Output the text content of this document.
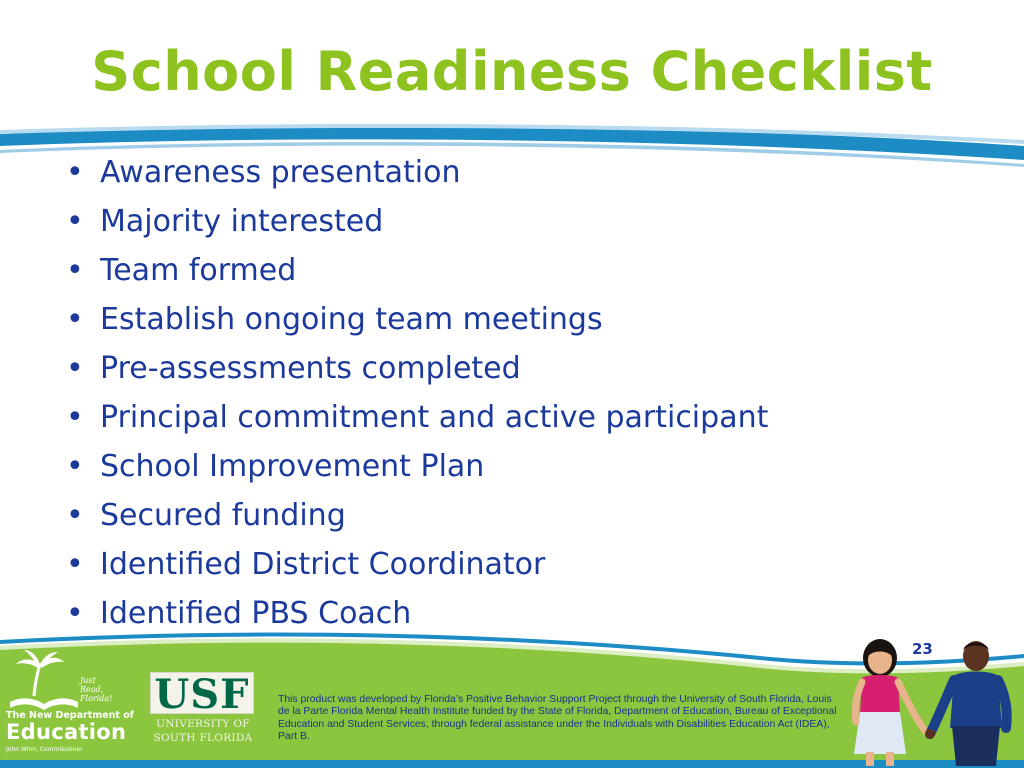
School Readiness Checklist
• Awareness presentation
• Majority interested
• Team formed
• Establish ongoing team meetings
• Pre-assessments completed
• Principal commitment and active participant
• School Improvement Plan
• Secured funding
• Identified District Coordinator
• Identified PBS Coach
23
Just Read, Florida!
The New Department of
Education
John Winn, Commissioner
USF
UNIVERSITY OF
SOUTH FLORIDA
This product was developed by Florida’s Positive Behavior Support Project through the University of South Florida, Louis de la Parte Florida Mental Health Institute funded by the State of Florida, Department of Education, Bureau of Exceptional Education and Student Services, through federal assistance under the Individuals with Disabilities Education Act (IDEA), Part B.
